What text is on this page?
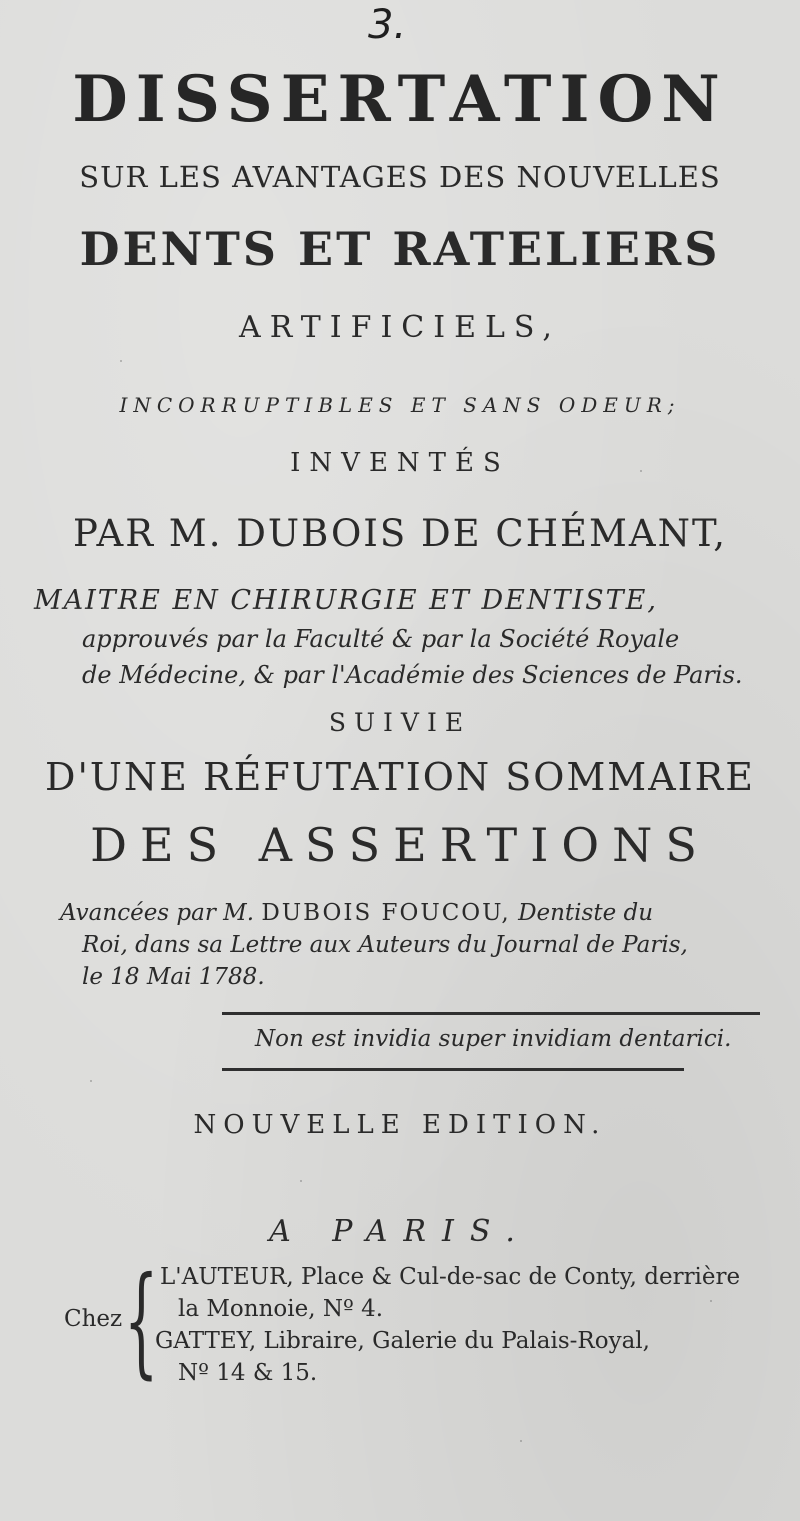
3.
DISSERTATION
SUR LES AVANTAGES DES NOUVELLES
DENTS ET RATELIERS
ARTIFICIELS,
INCORRUPTIBLES ET SANS ODEUR;
INVENTÉS
PAR M. DUBOIS DE CHÉMANT,
MAITRE EN CHIRURGIE ET DENTISTE,
approuvés par la Faculté & par la Société Royale
de Médecine, & par l'Académie des Sciences de Paris.
SUIVIE
D'UNE RÉFUTATION SOMMAIRE
DES ASSERTIONS
Avancées par M. DUBOIS FOUCOU, Dentiste du
Roi, dans sa Lettre aux Auteurs du Journal de Paris,
le 18 Mai 1788.
Non est invidia super invidiam dentarici.
NOUVELLE EDITION.
A PARIS.
Chez { L'AUTEUR, Place & Cul-de-sac de Conty, derrière
la Monnoie, Nº 4.
GATTEY, Libraire, Galerie du Palais-Royal,
Nº 14 & 15.
